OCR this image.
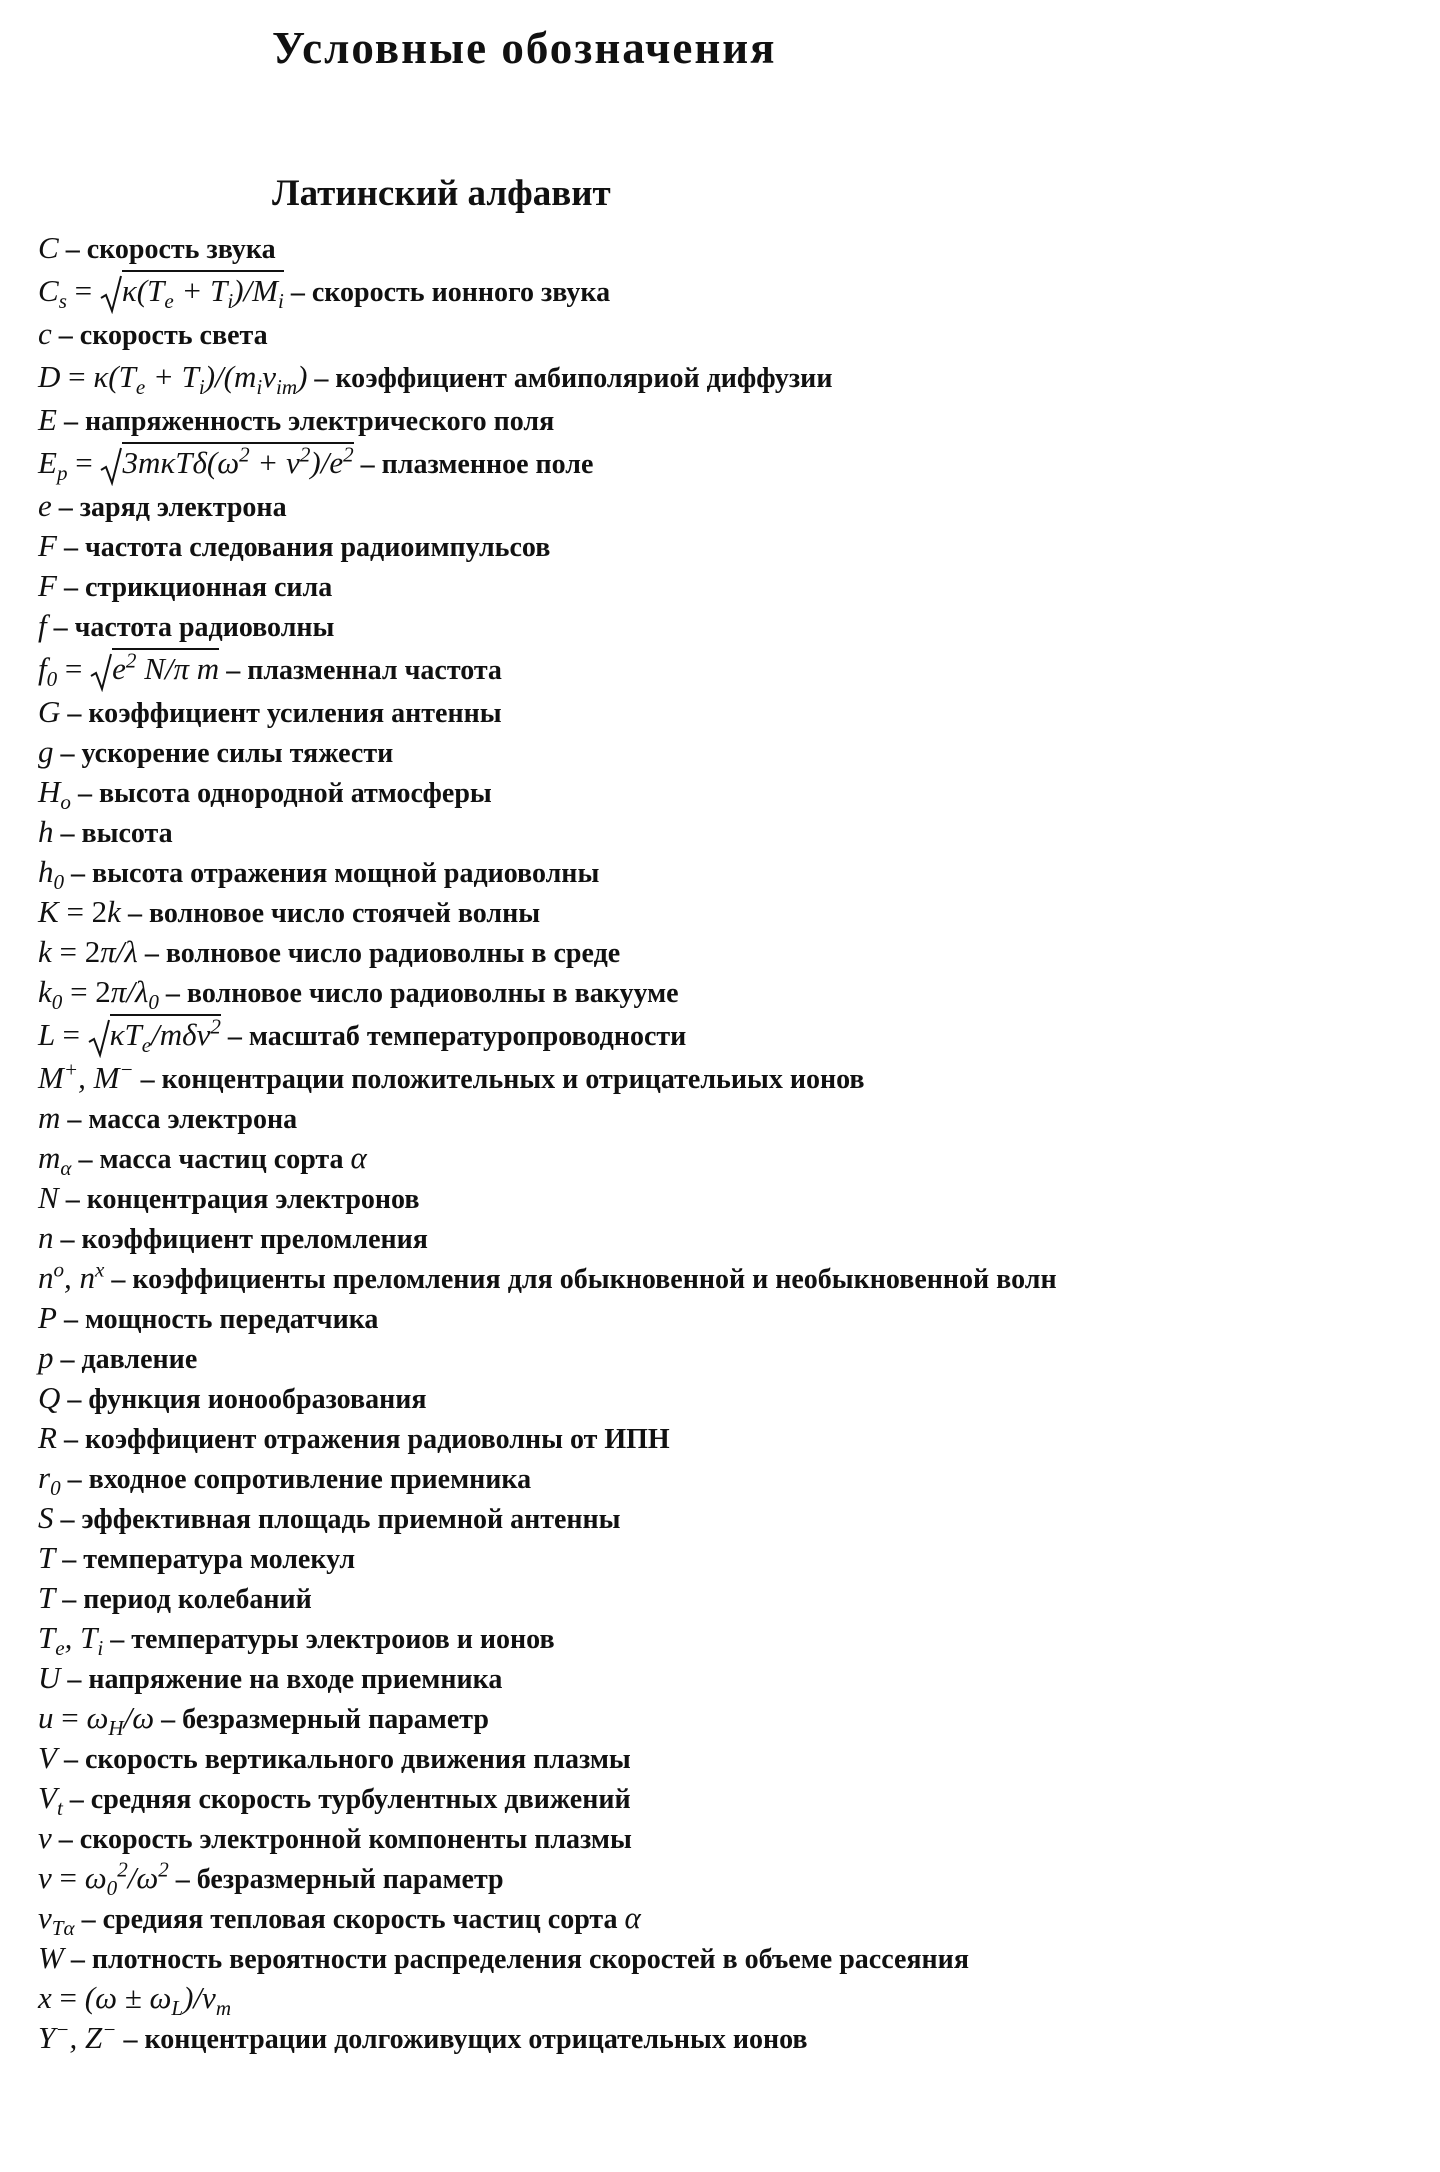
Условные обозначения
Латинский алфавит
C – скорость звука
$C_s = \kappa(T_e + T_i)/M_i$ – скорость ионного звука
c – скорость света
$D = \kappa(T_e + T_i)/(m_i\nu_{im})$ – коэффициент амбиполяриой диффузии
E – напряженность электрического поля
$E_p = 3m\kappa T\delta(\omega^2 + \nu^2)/e^2$ – плазменное поле
e – заряд электрона
F – частота следования радиоимпульсов
F – стрикционная сила
f – частота радиоволны
$f_0 = e^2$ N/π m – плазменнал частота
G – коэффициент усиления антенны
g – ускорение силы тяжести
$H_o$ – высота однородной атмосферы
h – высота
$h_0$ – высота отражения мощной радиоволны
K = 2k – волновое число стоячей волны
k = 2π/λ – волновое число радиоволны в среде
$k_0 = 2\pi/\lambda_0$ – волновое число радиоволны в вакууме
$L = \kappa T_e/m\delta\nu^2$ – масштаб температуропроводности
M+, M− – концентрации положительных и отрицательиых ионов
m – масса электрона
$m_\alpha$ – масса частиц сорта α
N – концентрация электронов
n – коэффициент преломления
$n^o$, $n^x$ – коэффициенты преломления для обыкновенной и необыкновенной волн
P – мощность передатчика
p – давление
Q – функция ионообразования
R – коэффициент отражения радиоволны от ИПН
$r_0$ – входное сопротивление приемника
S – эффективная площадь приемной антенны
T – температура молекул
T – период колебаний
$T_e$, $T_i$ – температуры электроиов и ионов
U – напряжение на входе приемника
$u = \omega_H/\omega$ – безразмерный параметр
V – скорость вертикального движения плазмы
$V_t$ – средняя скорость турбулентных движений
v – скорость электронной компоненты плазмы
$v = \omega_0^2/\omega^2$ – безразмерный параметр
$v_{T\alpha}$ – средияя тепловая скорость частиц сорта α
W – плотность вероятности распределения скоростей в объеме рассеяния
$x = (\omega \pm \omega_L)/\nu_m$
Y−, Z− – концентрации долгоживущих отрицательных ионов
